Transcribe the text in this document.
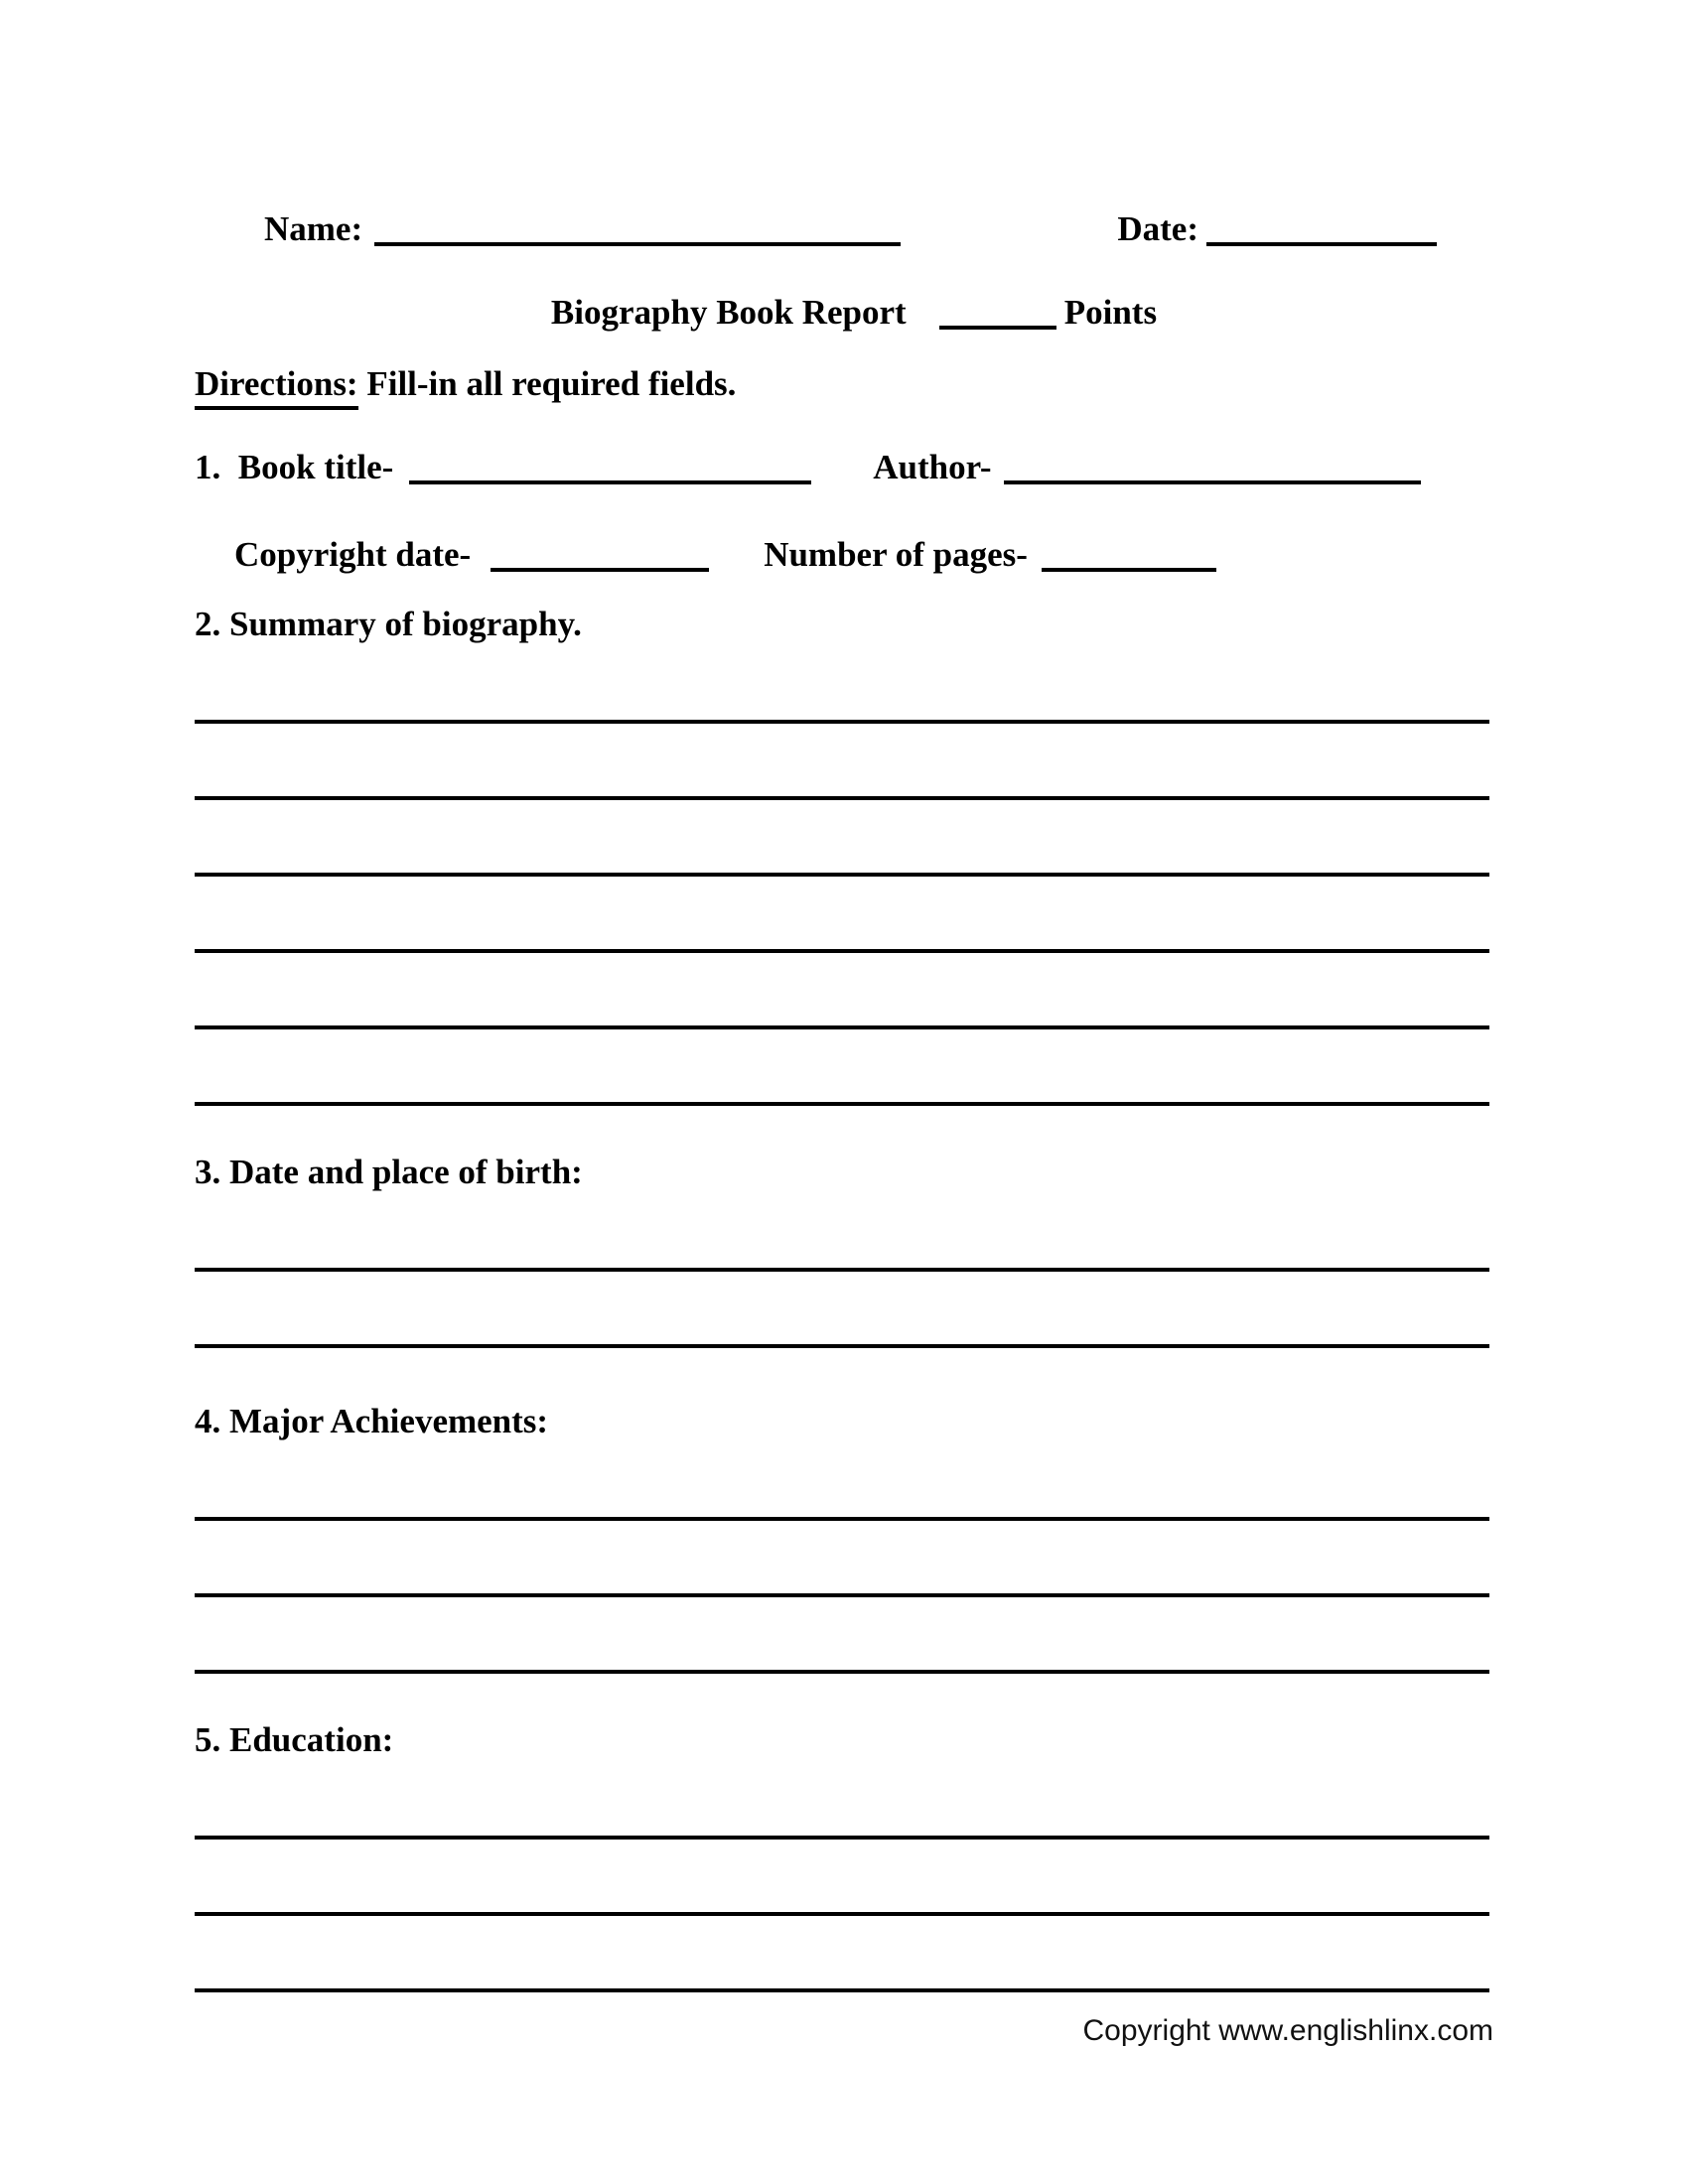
Name:	Date:
Biography Book Report	Points
Directions: Fill-in all required fields.
1.  Book title-	Author-
Copyright date-	Number of pages-
2. Summary of biography.
3. Date and place of birth:
4. Major Achievements:
5. Education:
Copyright www.englishlinx.com
